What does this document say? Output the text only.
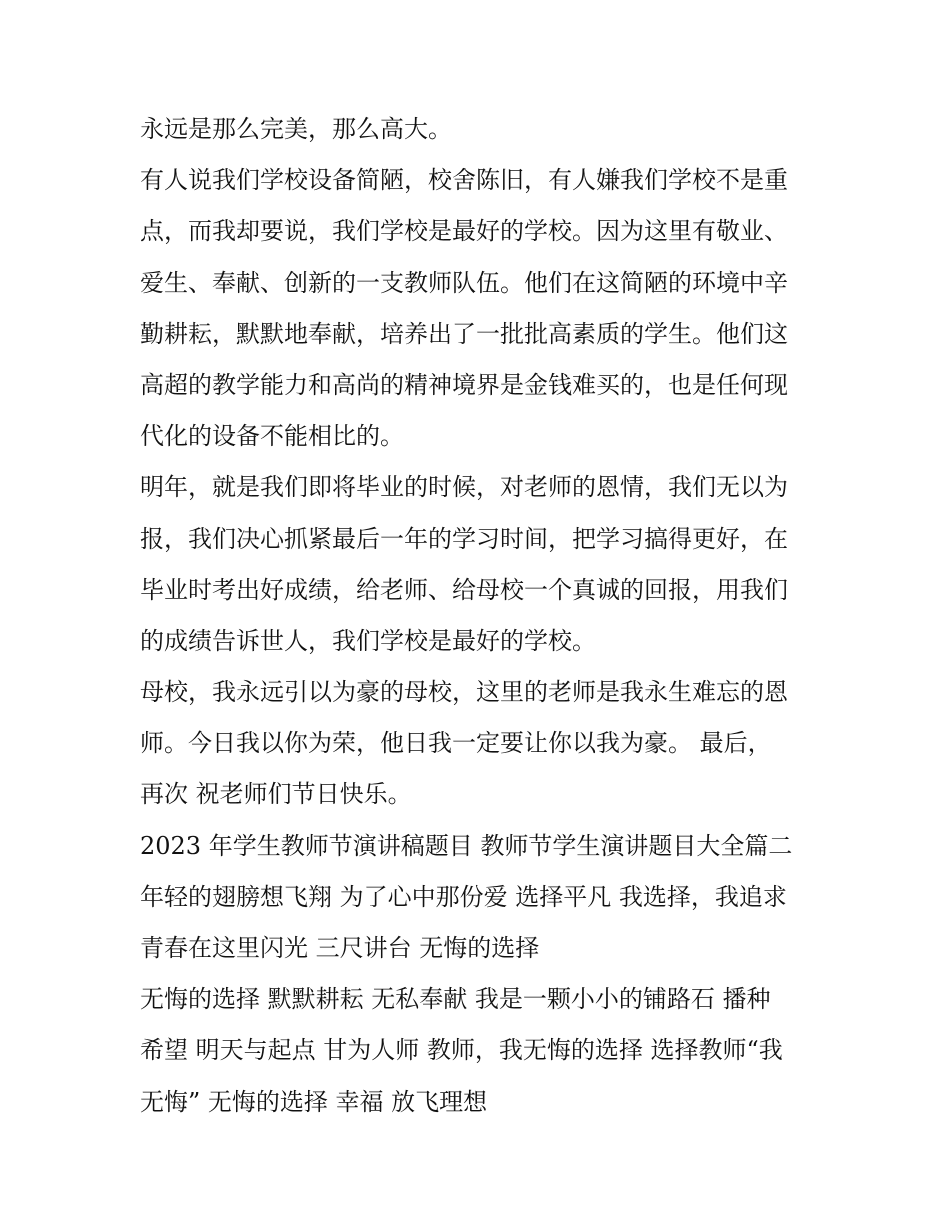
永远是那么完美，那么高大。
有人说我们学校设备简陋，校舍陈旧，有人嫌我们学校不是重
点，而我却要说，我们学校是最好的学校。因为这里有敬业、
爱生、奉献、创新的一支教师队伍。他们在这简陋的环境中辛
勤耕耘，默默地奉献，培养出了一批批高素质的学生。他们这
高超的教学能力和高尚的精神境界是金钱难买的，也是任何现
代化的设备不能相比的。
明年，就是我们即将毕业的时候，对老师的恩情，我们无以为
报，我们决心抓紧最后一年的学习时间，把学习搞得更好，在
毕业时考出好成绩，给老师、给母校一个真诚的回报，用我们
的成绩告诉世人，我们学校是最好的学校。
母校，我永远引以为豪的母校，这里的老师是我永生难忘的恩
师。今日我以你为荣，他日我一定要让你以我为豪。 最后，
再次 祝老师们节日快乐。
2023 年学生教师节演讲稿题目 教师节学生演讲题目大全篇二
年轻的翅膀想飞翔 为了心中那份爱 选择平凡 我选择，我追求
青春在这里闪光 三尺讲台 无悔的选择
无悔的选择 默默耕耘 无私奉献 我是一颗小小的铺路石 播种
希望 明天与起点 甘为人师 教师，我无悔的选择 选择教师“我
无悔” 无悔的选择 幸福 放飞理想
